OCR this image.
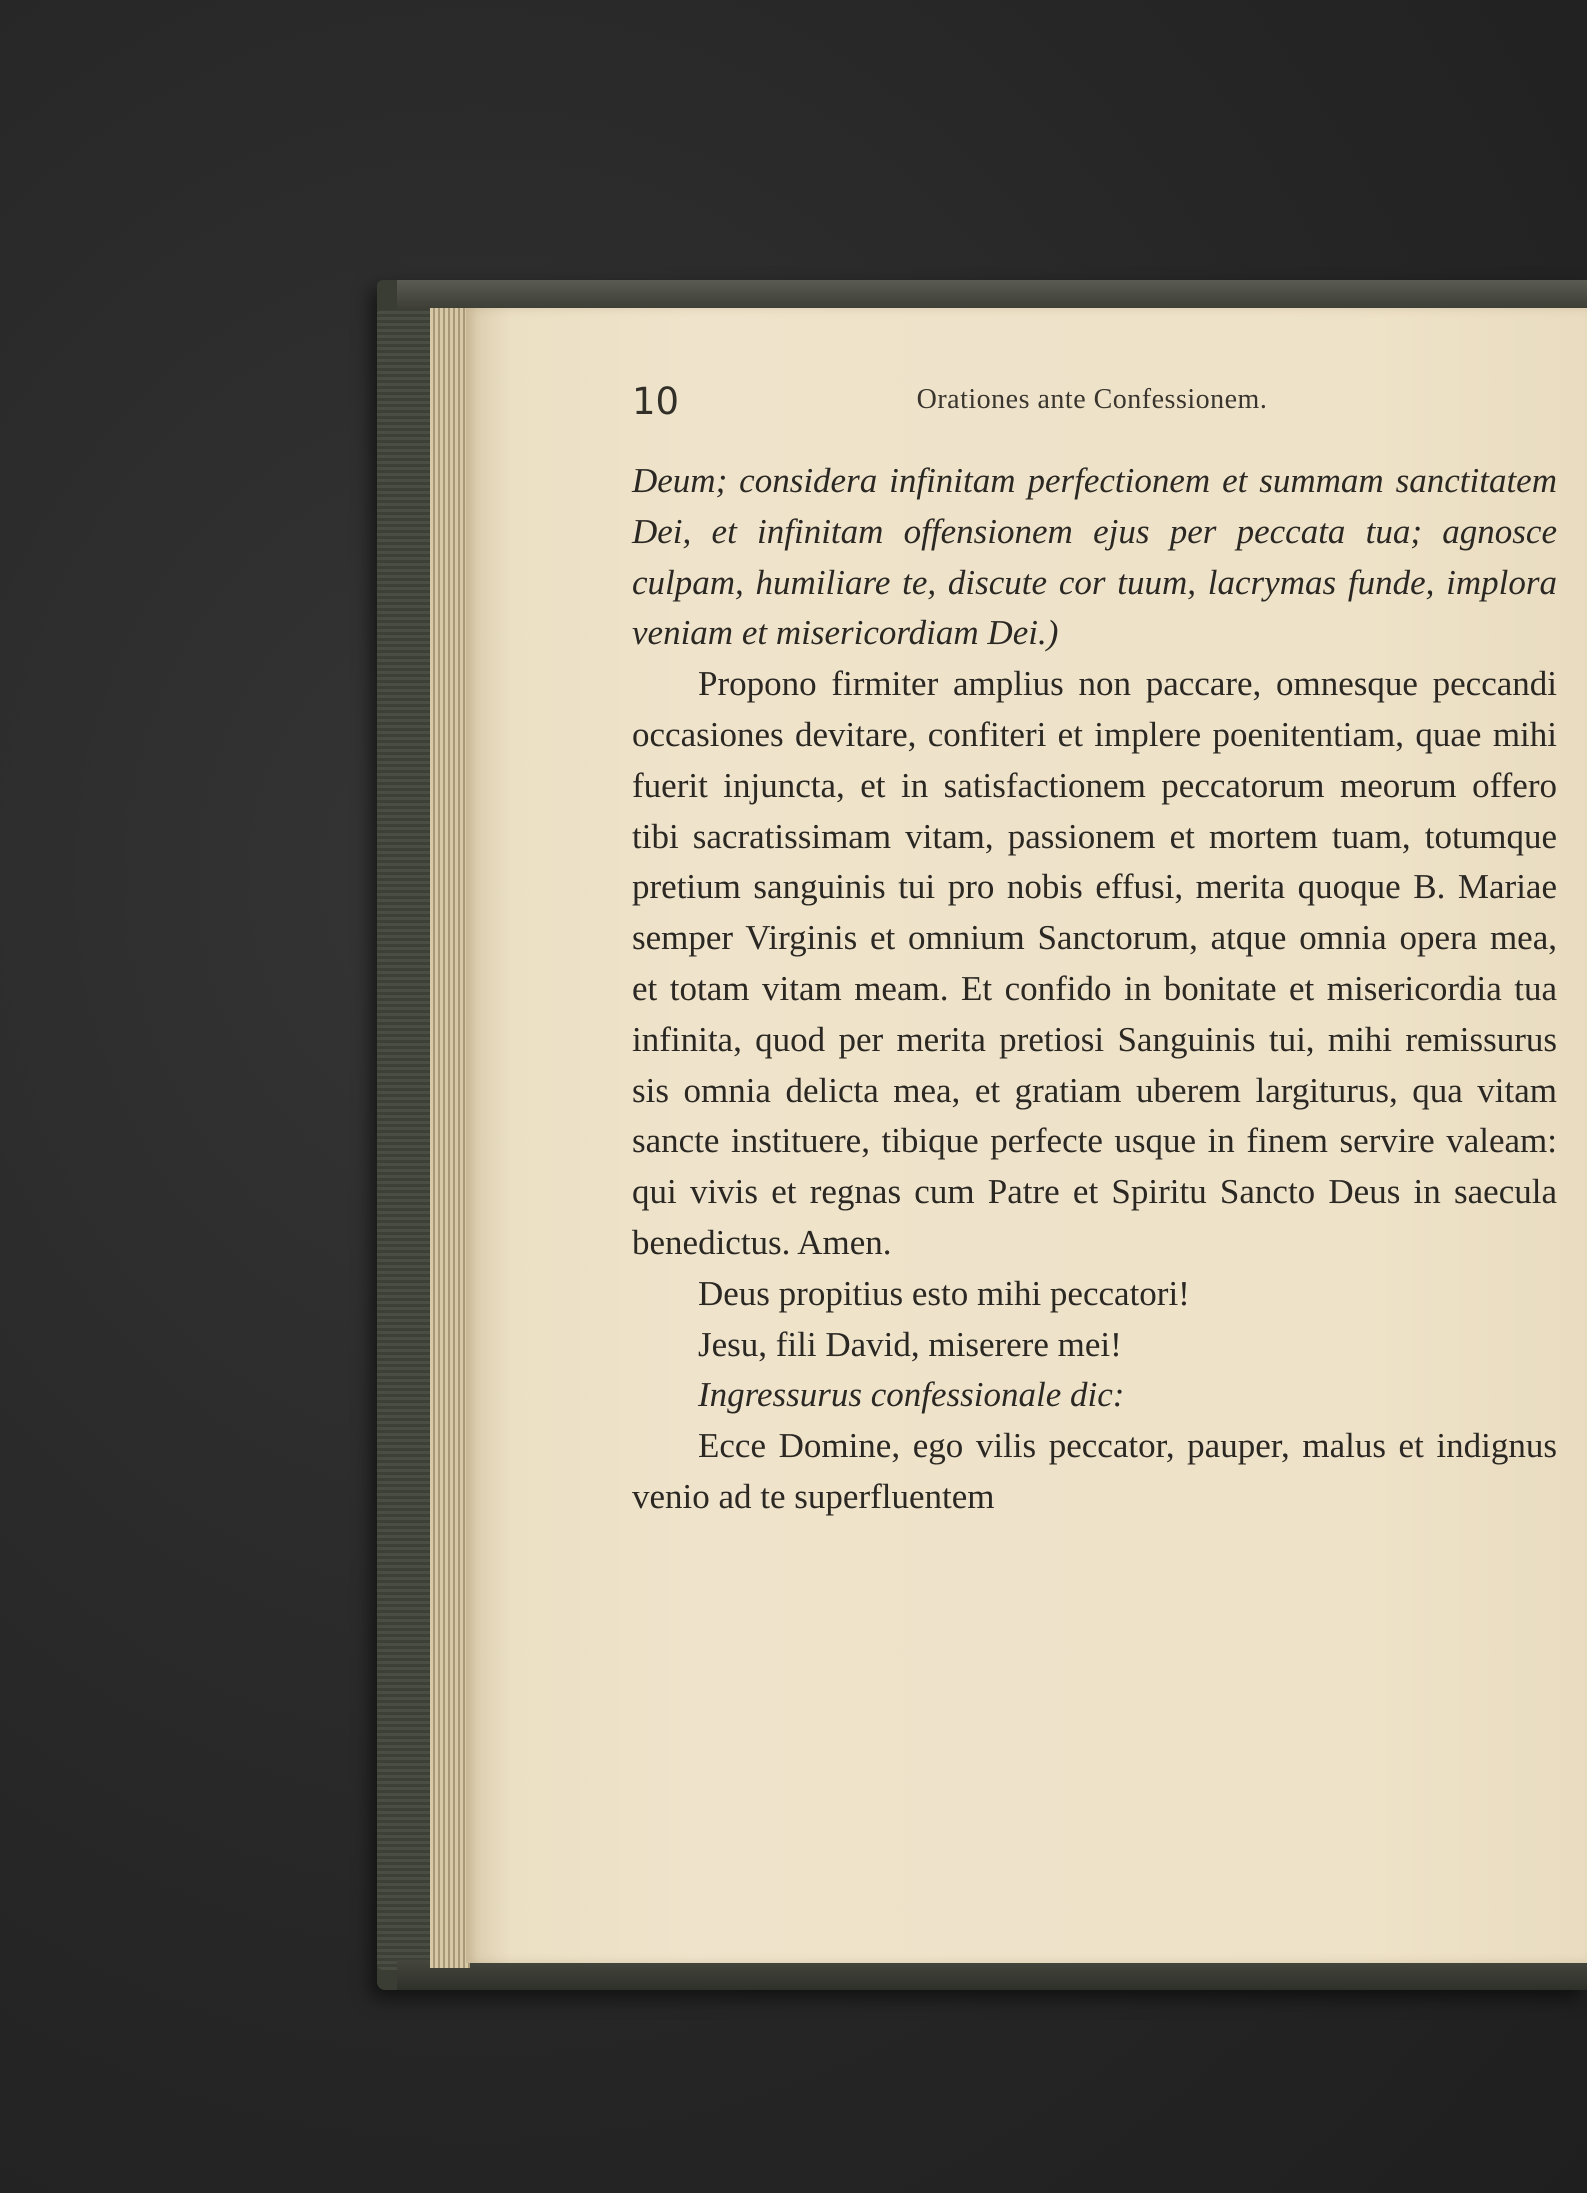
10	Orationes ante Confessionem.

Deum; considera infinitam perfectionem et summam sanctitatem Dei, et infinitam offensionem ejus per peccata tua; agnosce culpam, humiliare te, discute cor tuum, lacrymas funde, implora veniam et misericordiam Dei.)

Propono firmiter amplius non paccare, omnesque peccandi occasiones devitare, confiteri et implere poenitentiam, quae mihi fuerit injuncta, et in satisfactionem peccatorum meorum offero tibi sacratissimam vitam, passionem et mortem tuam, totumque pretium sanguinis tui pro nobis effusi, merita quoque B. Mariae semper Virginis et omnium Sanctorum, atque omnia opera mea, et totam vitam meam. Et confido in bonitate et misericordia tua infinita, quod per merita pretiosi Sanguinis tui, mihi remissurus sis omnia delicta mea, et gratiam uberem largiturus, qua vitam sancte instituere, tibique perfecte usque in finem servire valeam: qui vivis et regnas cum Patre et Spiritu Sancto Deus in saecula benedictus. Amen.

Deus propitius esto mihi peccatori!

Jesu, fili David, miserere mei!

Ingressurus confessionale dic:

Ecce Domine, ego vilis peccator, pauper, malus et indignus venio ad te superfluentem
